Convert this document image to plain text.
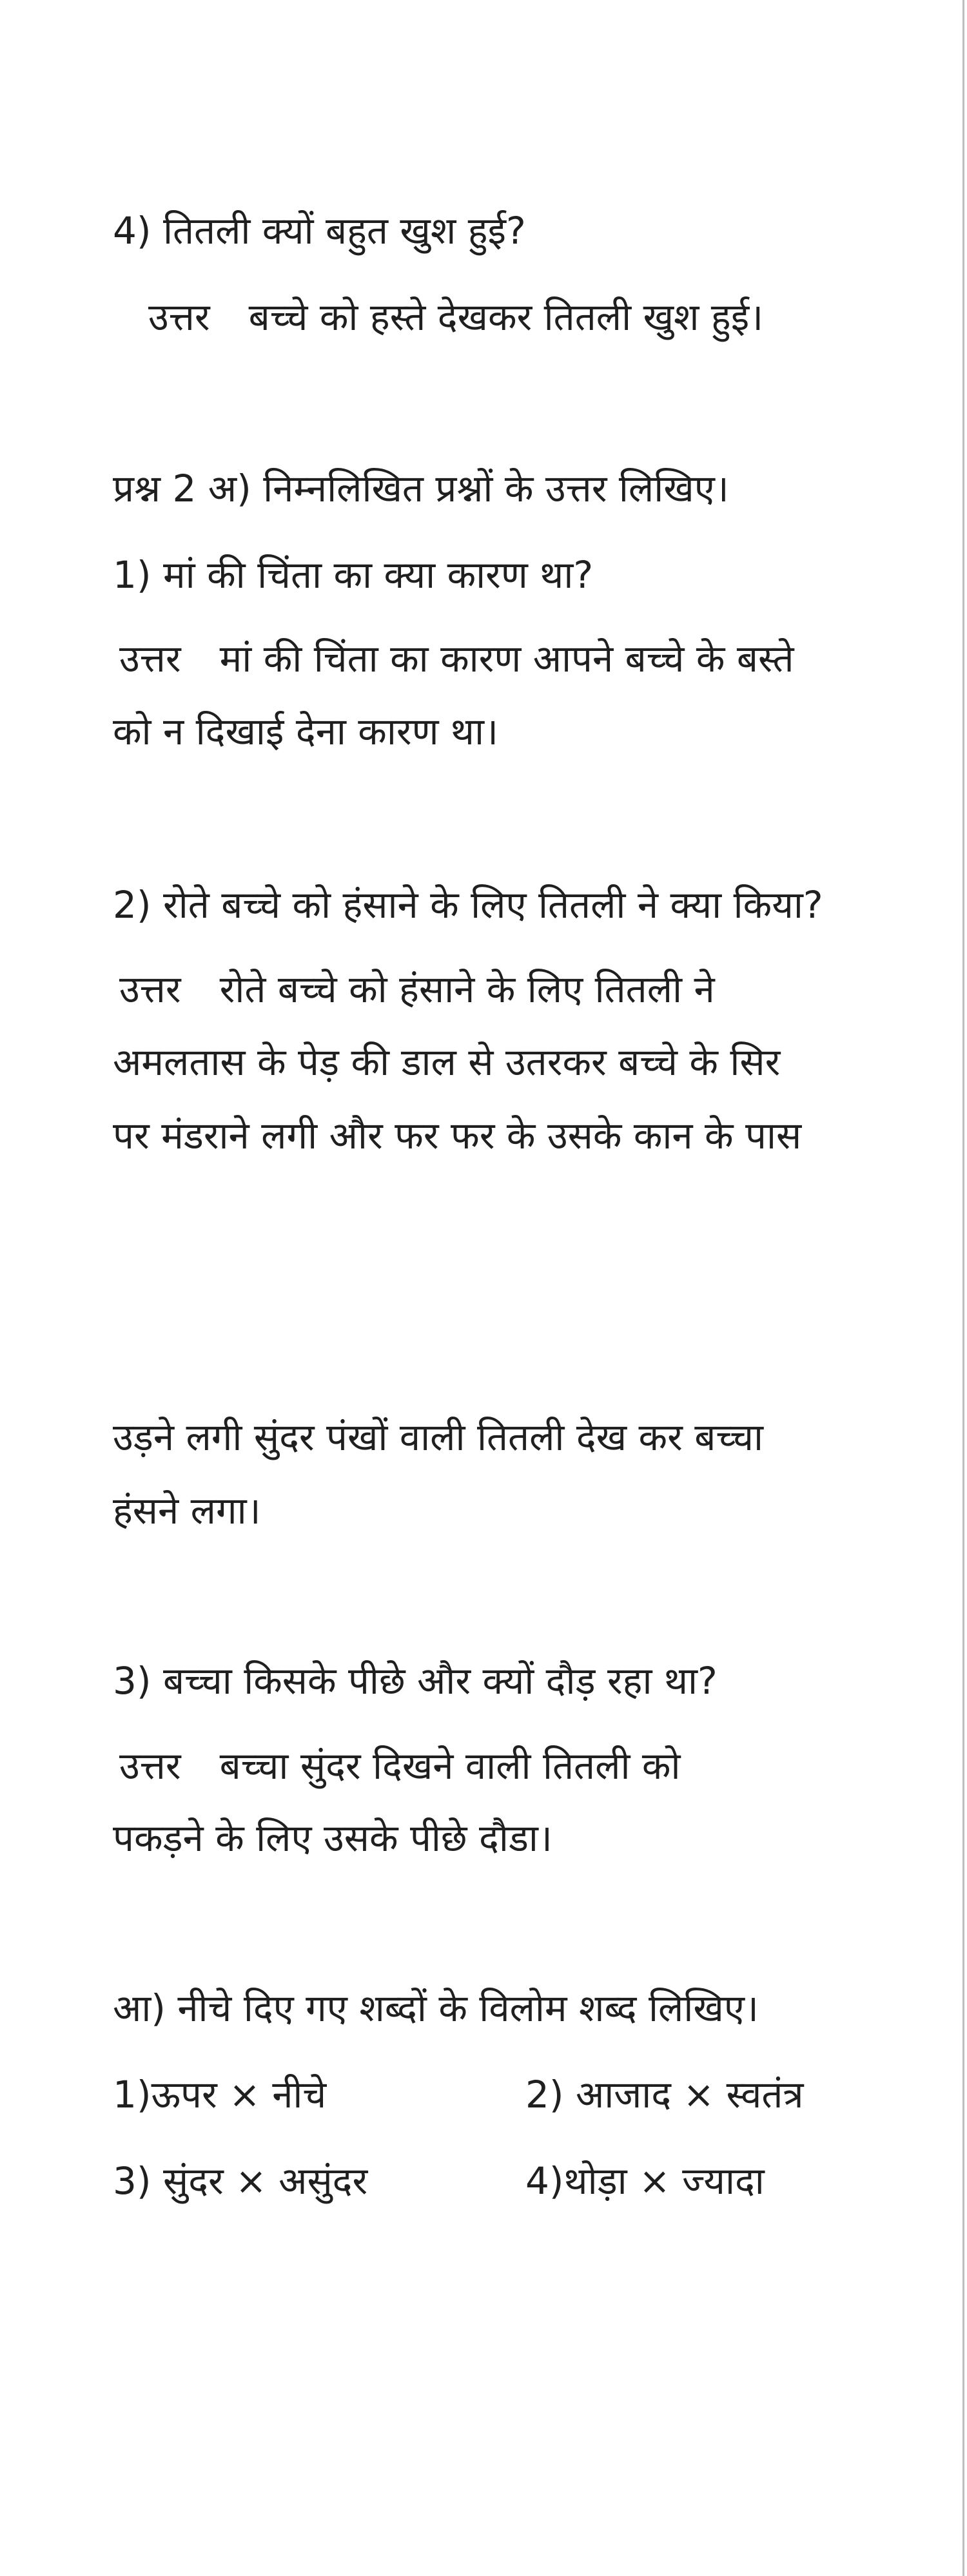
4) तितली क्यों बहुत खुश हुई?
उत्तर बच्चे को हस्ते देखकर तितली खुश हुई।
प्रश्न 2 अ) निम्नलिखित प्रश्नों के उत्तर लिखिए।
1) मां की चिंता का क्या कारण था?
उत्तर मां की चिंता का कारण आपने बच्चे के बस्ते
को न दिखाई देना कारण था।
2) रोते बच्चे को हंसाने के लिए तितली ने क्या किया?
उत्तर रोते बच्चे को हंसाने के लिए तितली ने
अमलतास के पेड़ की डाल से उतरकर बच्चे के सिर
पर मंडराने लगी और फर फर के उसके कान के पास
उड़ने लगी सुंदर पंखों वाली तितली देख कर बच्चा
हंसने लगा।
3) बच्चा किसके पीछे और क्यों दौड़ रहा था?
उत्तर बच्चा सुंदर दिखने वाली तितली को
पकड़ने के लिए उसके पीछे दौडा।
आ) नीचे दिए गए शब्दों के विलोम शब्द लिखिए।
1)ऊपर × नीचे	2) आजाद × स्वतंत्र
3) सुंदर × असुंदर	4)थोड़ा × ज्यादा
